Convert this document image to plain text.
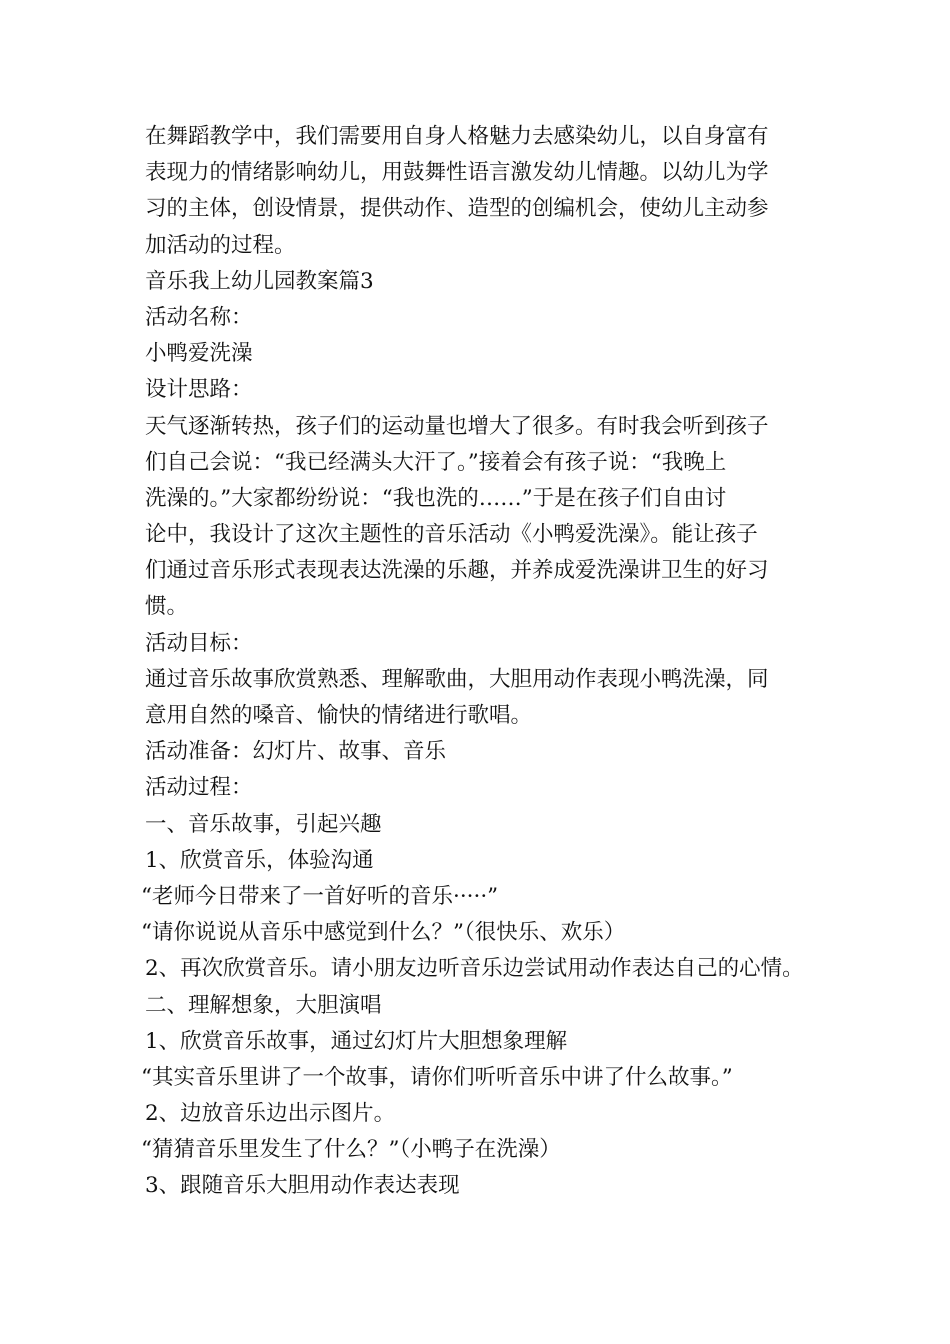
在舞蹈教学中，我们需要用自身人格魅力去感染幼儿，以自身富有
表现力的情绪影响幼儿，用鼓舞性语言激发幼儿情趣。以幼儿为学
习的主体，创设情景，提供动作、造型的创编机会，使幼儿主动参
加活动的过程。
音乐我上幼儿园教案篇3
活动名称：
小鸭爱洗澡
设计思路：
天气逐渐转热，孩子们的运动量也增大了很多。有时我会听到孩子
们自己会说：“我已经满头大汗了。”接着会有孩子说：“我晚上
洗澡的。”大家都纷纷说：“我也洗的……”于是在孩子们自由讨
论中，我设计了这次主题性的音乐活动《小鸭爱洗澡》。能让孩子
们通过音乐形式表现表达洗澡的乐趣，并养成爱洗澡讲卫生的好习
惯。
活动目标：
通过音乐故事欣赏熟悉、理解歌曲，大胆用动作表现小鸭洗澡，同
意用自然的嗓音、愉快的情绪进行歌唱。
活动准备：幻灯片、故事、音乐
活动过程：
一、音乐故事，引起兴趣
1、欣赏音乐，体验沟通
“老师今日带来了一首好听的音乐·····”
“请你说说从音乐中感觉到什么？”（很快乐、欢乐）
2、再次欣赏音乐。请小朋友边听音乐边尝试用动作表达自己的心情。
二、理解想象，大胆演唱
1、欣赏音乐故事，通过幻灯片大胆想象理解
“其实音乐里讲了一个故事，请你们听听音乐中讲了什么故事。”
2、边放音乐边出示图片。
“猜猜音乐里发生了什么？”（小鸭子在洗澡）
3、跟随音乐大胆用动作表达表现
